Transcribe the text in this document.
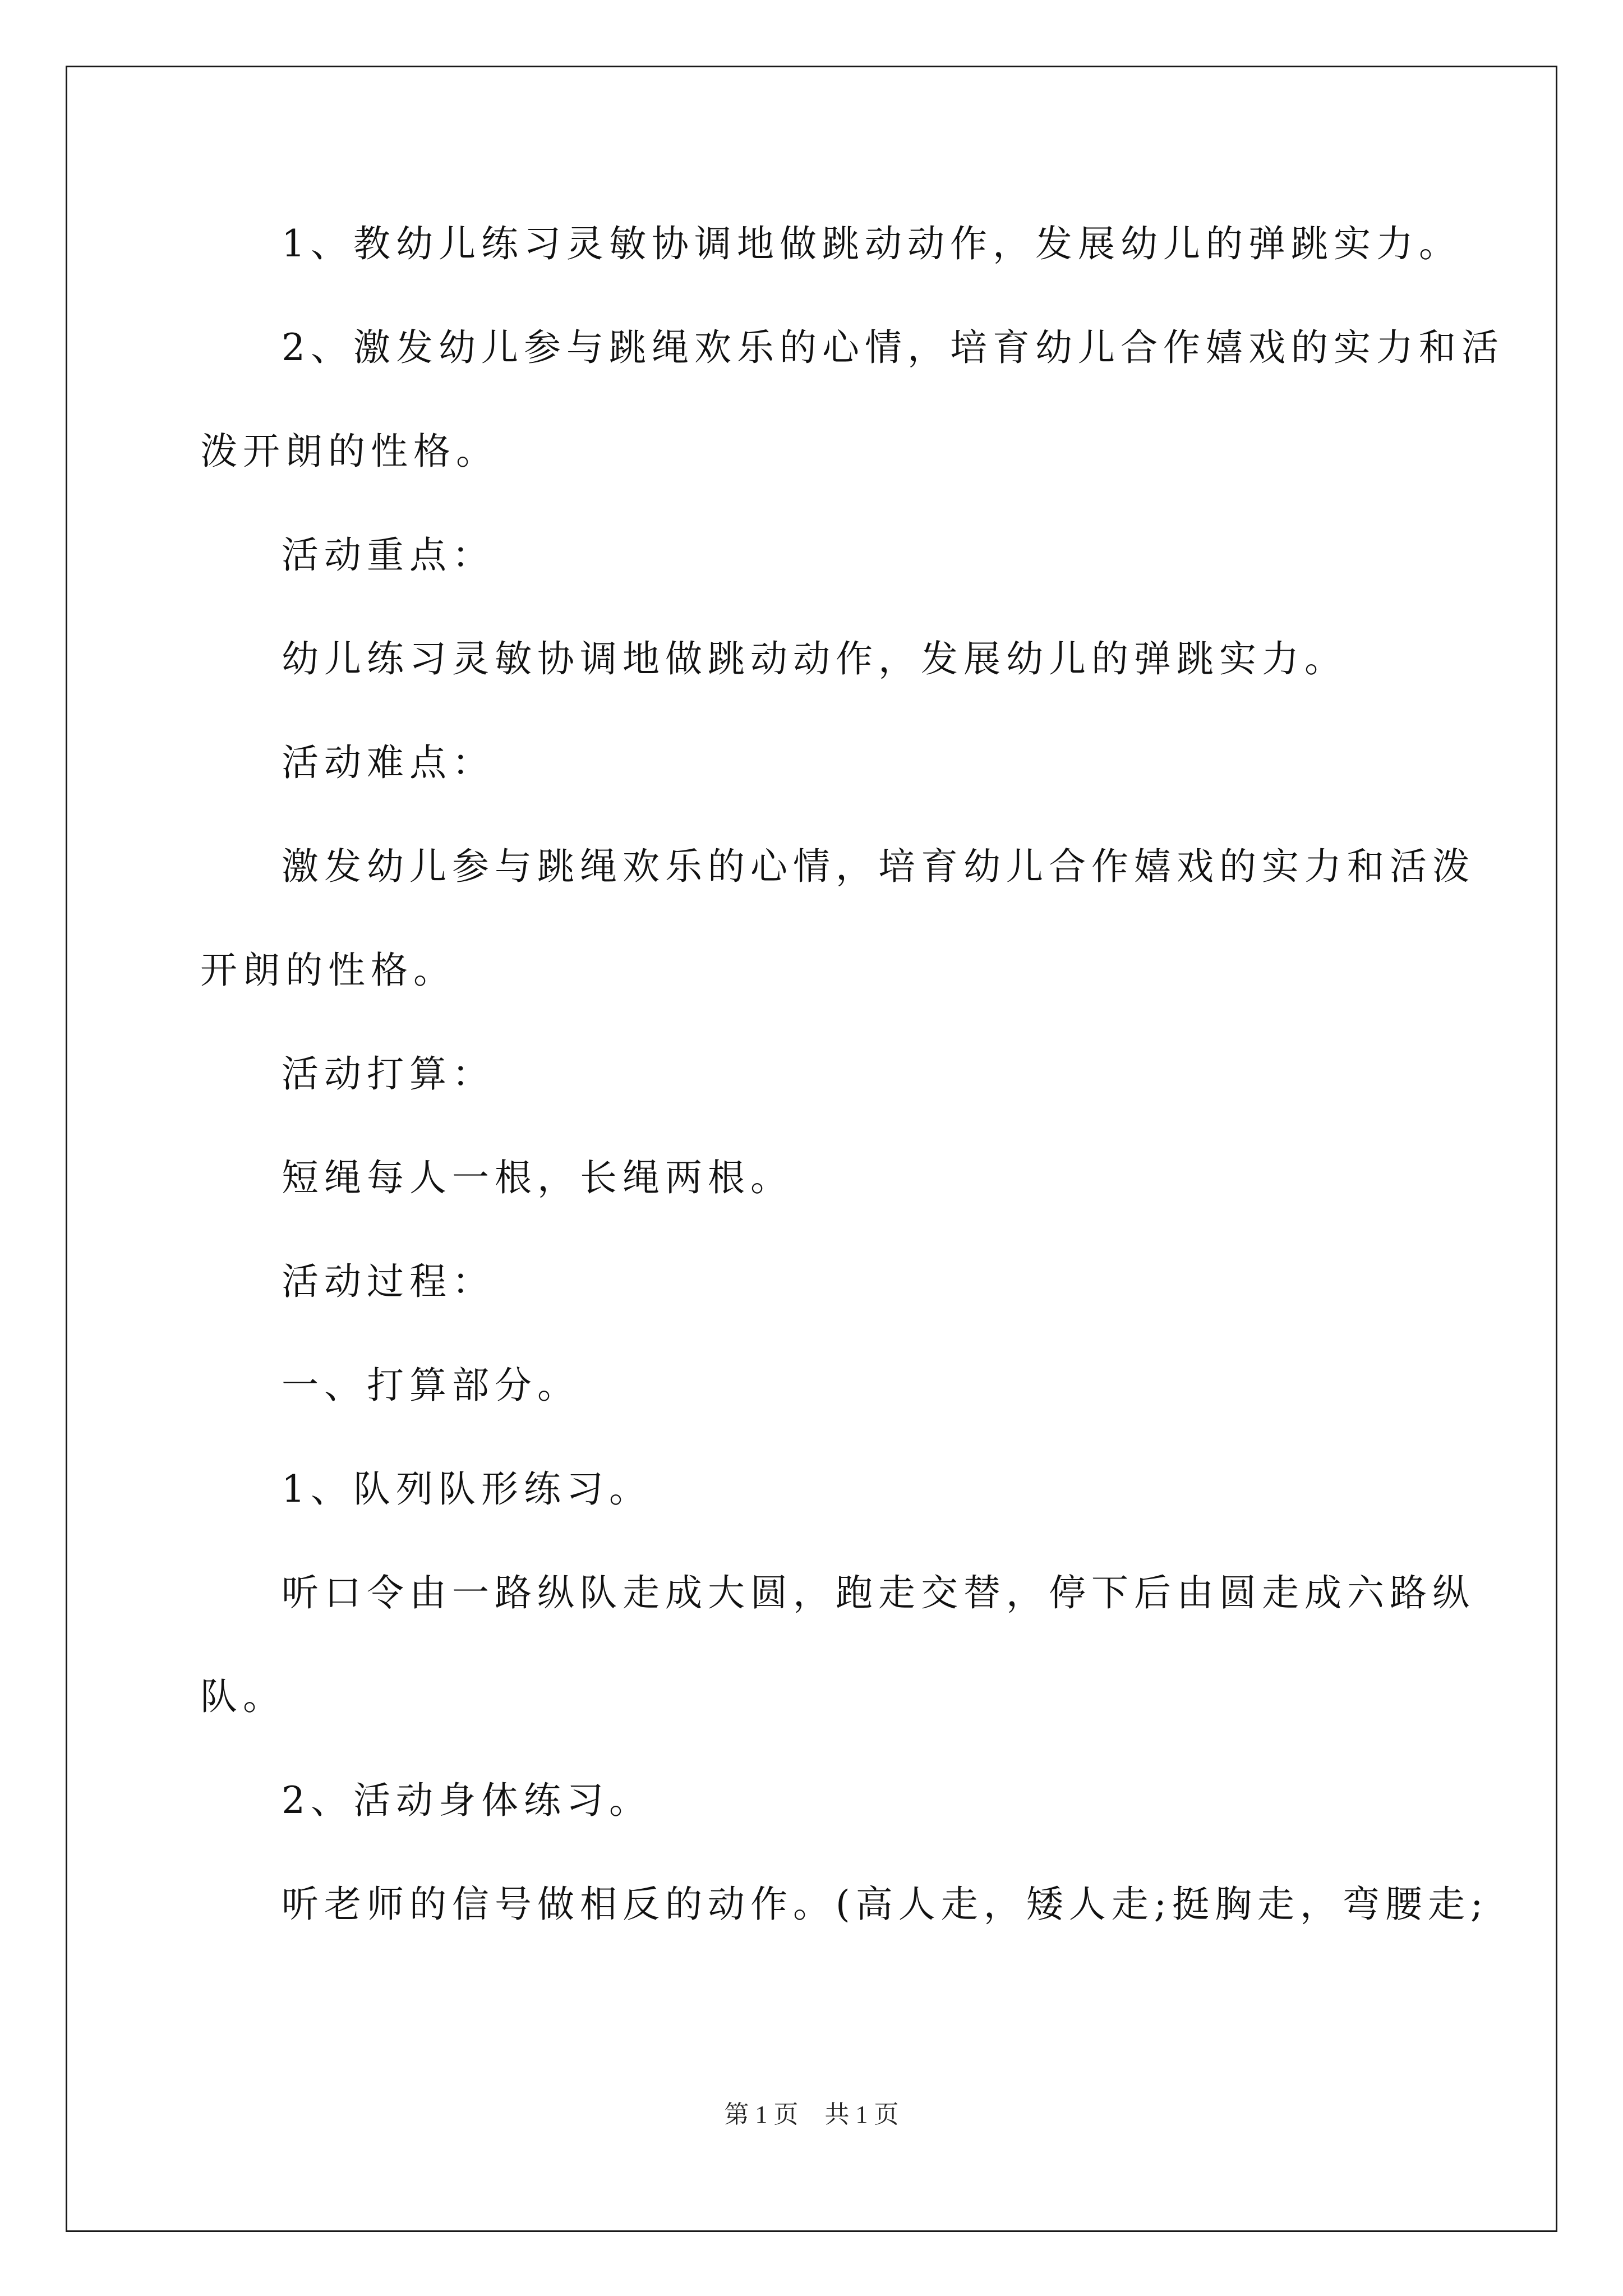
1、教幼儿练习灵敏协调地做跳动动作，发展幼儿的弹跳实力。
2、激发幼儿参与跳绳欢乐的心情，培育幼儿合作嬉戏的实力和活
泼开朗的性格。
活动重点：
幼儿练习灵敏协调地做跳动动作，发展幼儿的弹跳实力。
活动难点：
激发幼儿参与跳绳欢乐的心情，培育幼儿合作嬉戏的实力和活泼
开朗的性格。
活动打算：
短绳每人一根，长绳两根。
活动过程：
一、打算部分。
1、队列队形练习。
听口令由一路纵队走成大圆，跑走交替，停下后由圆走成六路纵
队。
2、活动身体练习。
听老师的信号做相反的动作。(高人走，矮人走;挺胸走，弯腰走;
第 1 页 共 1 页
